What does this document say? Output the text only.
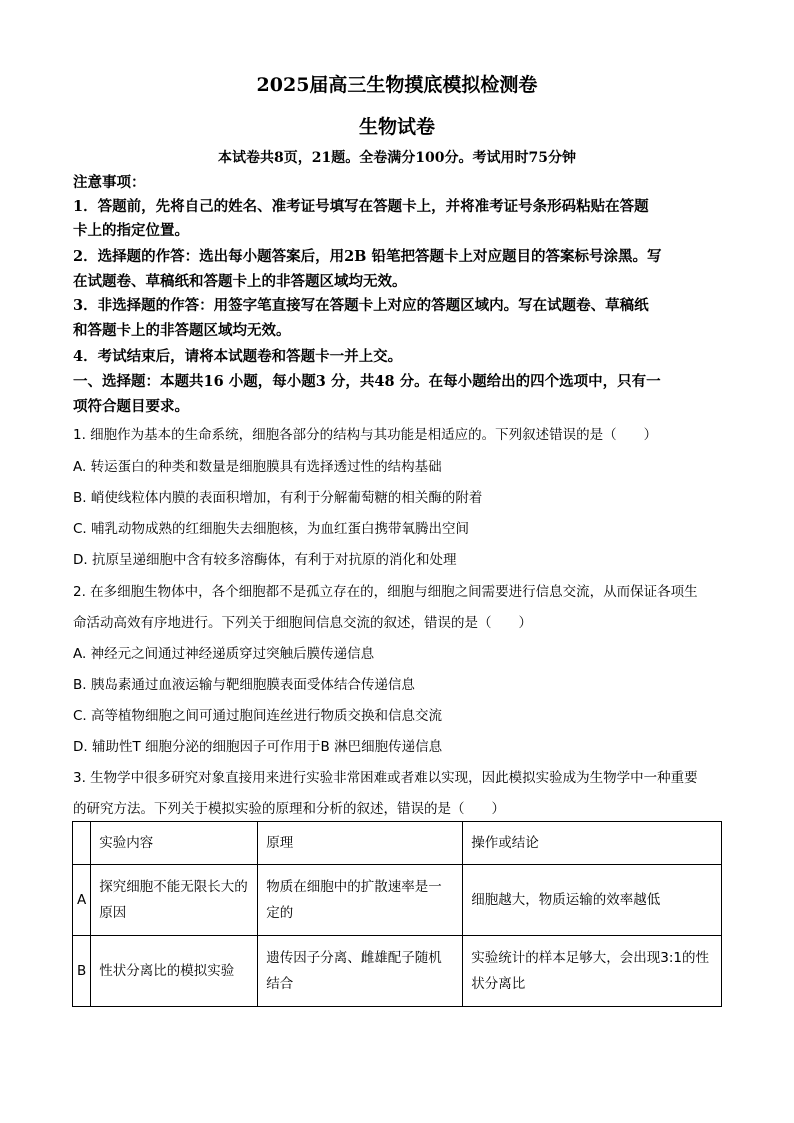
2025届高三生物摸底模拟检测卷
生物试卷
本试卷共8页，21题。全卷满分100分。考试用时75分钟
注意事项：
1．答题前，先将自己的姓名、准考证号填写在答题卡上，并将准考证号条形码粘贴在答题
卡上的指定位置。
2．选择题的作答：选出每小题答案后，用2B 铅笔把答题卡上对应题目的答案标号涂黑。写
在试题卷、草稿纸和答题卡上的非答题区域均无效。
3．非选择题的作答：用签字笔直接写在答题卡上对应的答题区域内。写在试题卷、草稿纸
和答题卡上的非答题区域均无效。
4．考试结束后，请将本试题卷和答题卡一并上交。
一、选择题：本题共16 小题，每小题3 分，共48 分。在每小题给出的四个选项中，只有一
项符合题目要求。
1. 细胞作为基本的生命系统，细胞各部分的结构与其功能是相适应的。下列叙述错误的是（　　）
A. 转运蛋白的种类和数量是细胞膜具有选择透过性的结构基础
B. 峭使线粒体内膜的表面积增加，有利于分解葡萄糖的相关酶的附着
C. 哺乳动物成熟的红细胞失去细胞核，为血红蛋白携带氧腾出空间
D. 抗原呈递细胞中含有较多溶酶体，有利于对抗原的消化和处理
2. 在多细胞生物体中，各个细胞都不是孤立存在的，细胞与细胞之间需要进行信息交流，从而保证各项生
命活动高效有序地进行。下列关于细胞间信息交流的叙述，错误的是（　　）
A. 神经元之间通过神经递质穿过突触后膜传递信息
B. 胰岛素通过血液运输与靶细胞膜表面受体结合传递信息
C. 高等植物细胞之间可通过胞间连丝进行物质交换和信息交流
D. 辅助性T 细胞分泌的细胞因子可作用于B 淋巴细胞传递信息
3. 生物学中很多研究对象直接用来进行实验非常困难或者难以实现，因此模拟实验成为生物学中一种重要
的研究方法。下列关于模拟实验的原理和分析的叙述，错误的是（　　）
	实验内容	原理	操作或结论
A	探究细胞不能无限长大的原因	物质在细胞中的扩散速率是一定的	细胞越大，物质运输的效率越低
B	性状分离比的模拟实验	遗传因子分离、雌雄配子随机结合	实验统计的样本足够大，会出现3:1的性状分离比
